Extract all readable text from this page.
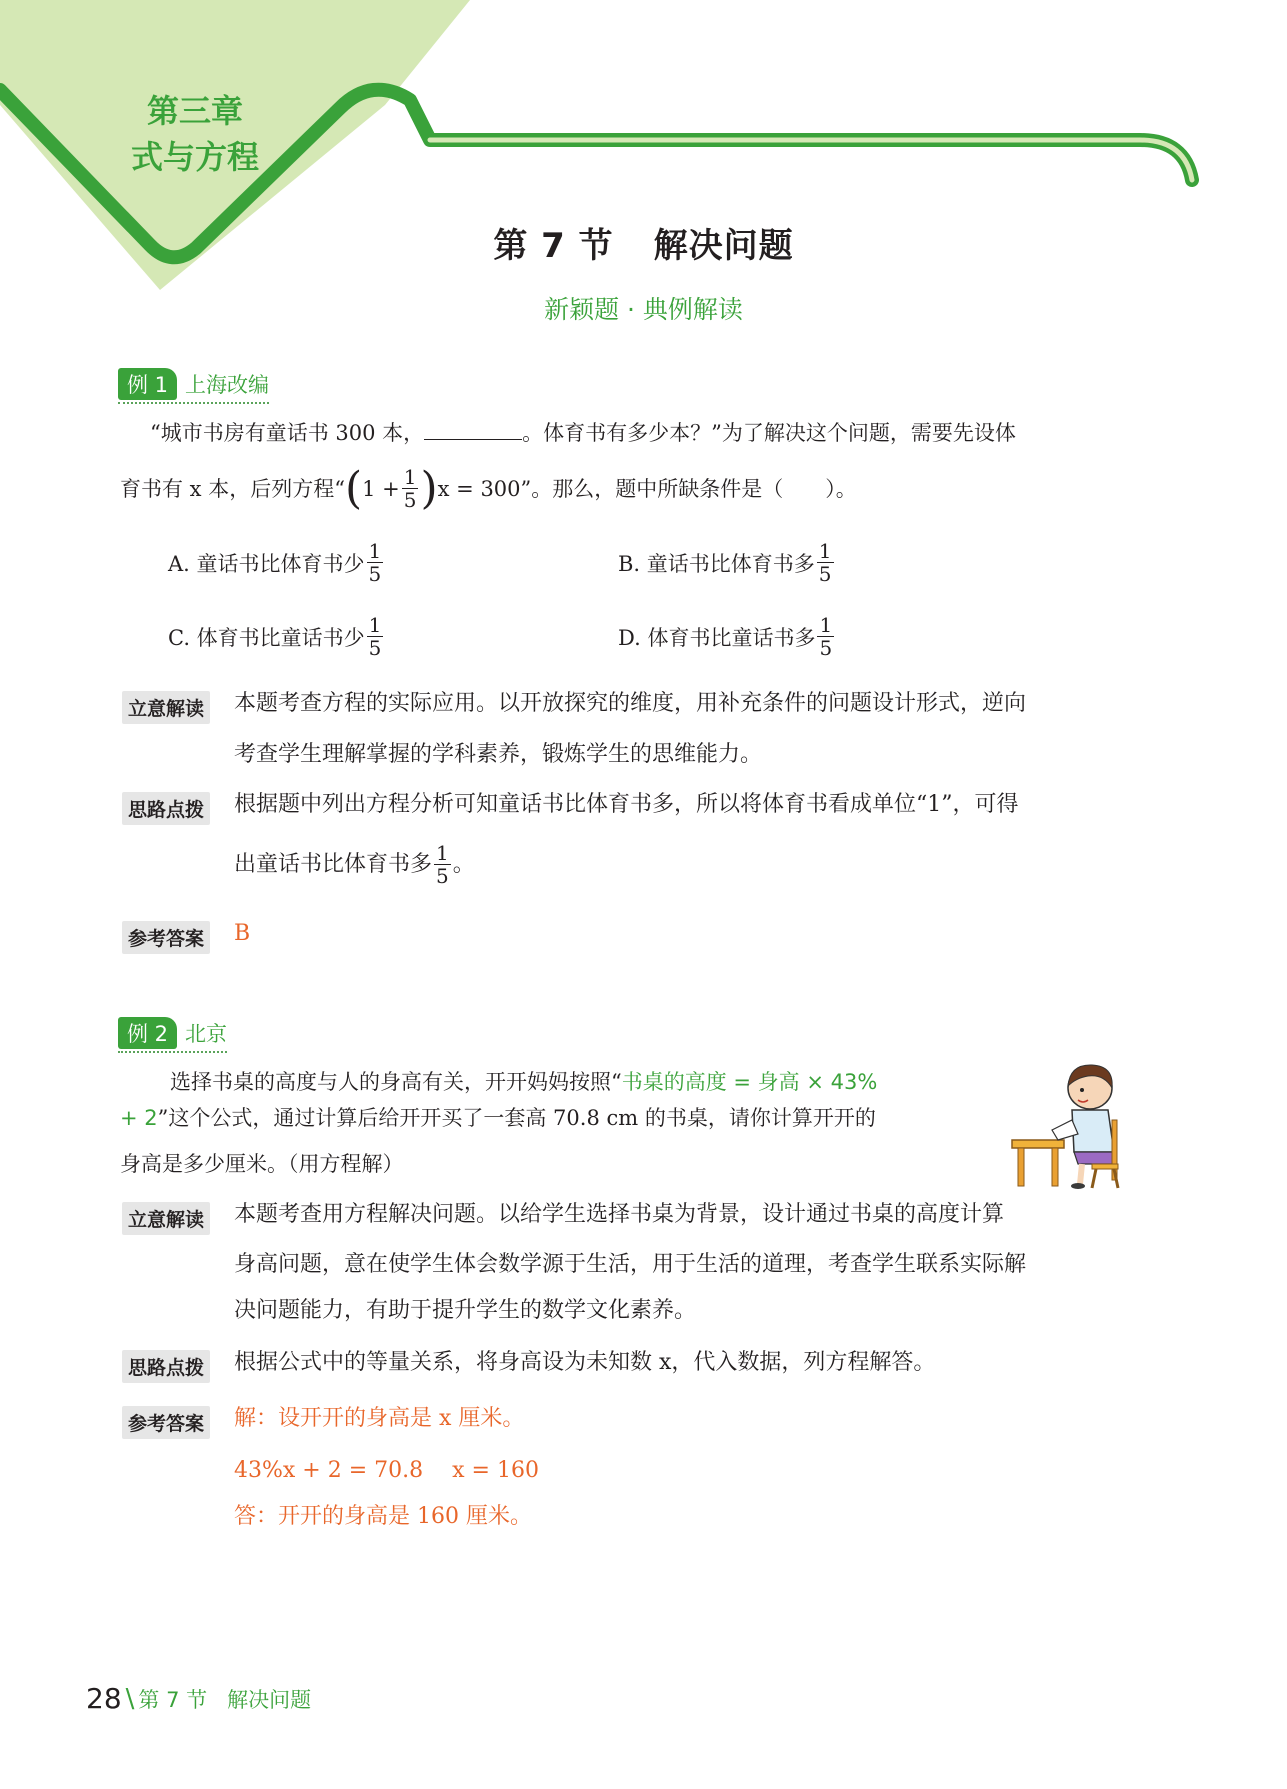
第三章
式与方程
第 7 节 解决问题
新颖题 · 典例解读
例 1 上海改编
“城市书房有童话书 300 本，	。体育书有多少本？”为了解决这个问题，需要先设体
育书有 x 本，后列方程“ ( $1 + \frac{1}{5}$ ) x = 300”。那么，题中所缺条件是（　　）。
A. 童话书比体育书少 $\frac{1}{5}$	B. 童话书比体育书多 $\frac{1}{5}$
C. 体育书比童话书少 $\frac{1}{5}$	D. 体育书比童话书多 $\frac{1}{5}$
立意解读 本题考查方程的实际应用。以开放探究的维度，用补充条件的问题设计形式，逆向
考查学生理解掌握的学科素养，锻炼学生的思维能力。
思路点拨 根据题中列出方程分析可知童话书比体育书多，所以将体育书看成单位“1”，可得
出童话书比体育书多 $\frac{1}{5}$ 。
参考答案 B
例 2 北京
选择书桌的高度与人的身高有关，开开妈妈按照“书桌的高度 = 身高 × 43%
+ 2”这个公式，通过计算后给开开买了一套高 70.8 cm 的书桌，请你计算开开的
身高是多少厘米。（用方程解）
立意解读 本题考查用方程解决问题。以给学生选择书桌为背景，设计通过书桌的高度计算
身高问题，意在使学生体会数学源于生活，用于生活的道理，考查学生联系实际解
决问题能力，有助于提升学生的数学文化素养。
思路点拨 根据公式中的等量关系，将身高设为未知数 x，代入数据，列方程解答。
参考答案 解：设开开的身高是 x 厘米。
43%x + 2 = 70.8　 x = 160
答：开开的身高是 160 厘米。
28 \ 第 7 节 解决问题
